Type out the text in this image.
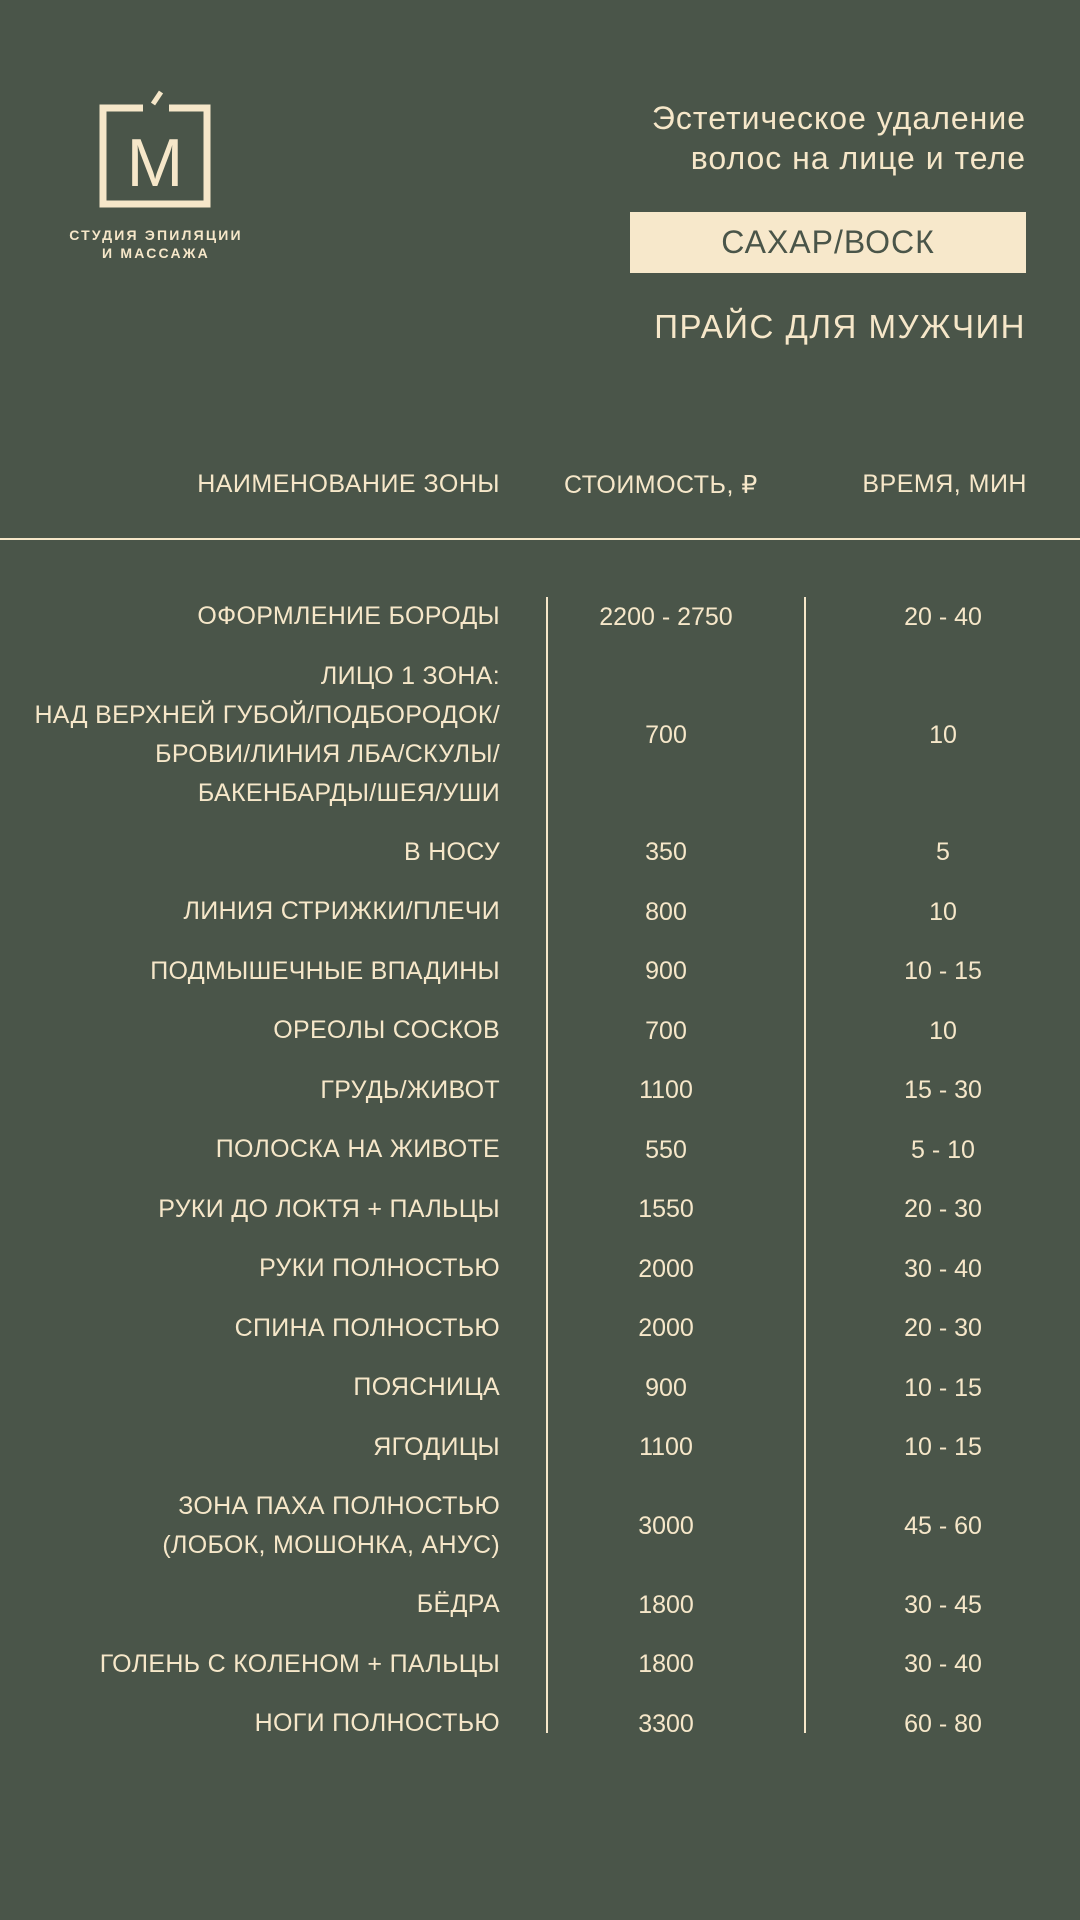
M
СТУДИЯ ЭПИЛЯЦИИ
И МАССАЖА
Эстетическое удаление
волос на лице и теле
САХАР/ВОСК
ПРАЙС ДЛЯ МУЖЧИН
НАИМЕНОВАНИЕ ЗОНЫ	СТОИМОСТЬ, ₽	ВРЕМЯ, МИН
ОФОРМЛЕНИЕ БОРОДЫ	2200 - 2750	20 - 40
ЛИЦО 1 ЗОНА:
НАД ВЕРХНЕЙ ГУБОЙ/ПОДБОРОДОК/
БРОВИ/ЛИНИЯ ЛБА/СКУЛЫ/
БАКЕНБАРДЫ/ШЕЯ/УШИ
700	10
В НОСУ	350	5
ЛИНИЯ СТРИЖКИ/ПЛЕЧИ	800	10
ПОДМЫШЕЧНЫЕ ВПАДИНЫ	900	10 - 15
ОРЕОЛЫ СОСКОВ	700	10
ГРУДЬ/ЖИВОТ	1100	15 - 30
ПОЛОСКА НА ЖИВОТЕ	550	5 - 10
РУКИ ДО ЛОКТЯ + ПАЛЬЦЫ	1550	20 - 30
РУКИ ПОЛНОСТЬЮ	2000	30 - 40
СПИНА ПОЛНОСТЬЮ	2000	20 - 30
ПОЯСНИЦА	900	10 - 15
ЯГОДИЦЫ	1100	10 - 15
ЗОНА ПАХА ПОЛНОСТЬЮ
(ЛОБОК, МОШОНКА, АНУС)
3000	45 - 60
БЁДРА	1800	30 - 45
ГОЛЕНЬ С КОЛЕНОМ + ПАЛЬЦЫ	1800	30 - 40
НОГИ ПОЛНОСТЬЮ	3300	60 - 80
